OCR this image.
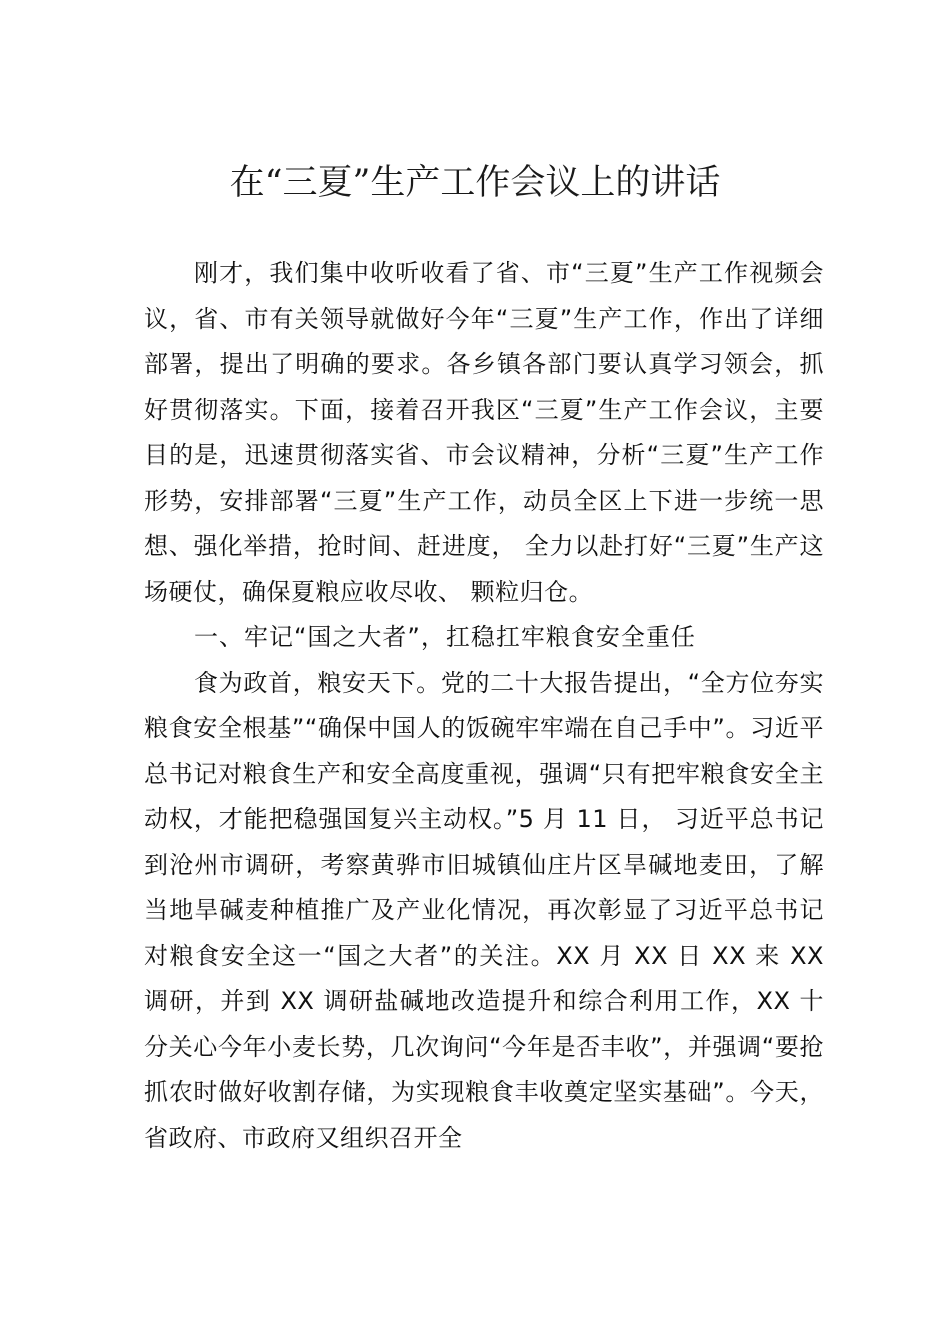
在“三夏”生产工作会议上的讲话

刚才，我们集中收听收看了省、市“三夏”生产工作视频会议，省、市有关领导就做好今年“三夏”生产工作，作出了详细部署，提出了明确的要求。各乡镇各部门要认真学习领会，抓好贯彻落实。下面，接着召开我区“三夏”生产工作会议，主要目的是，迅速贯彻落实省、市会议精神，分析“三夏”生产工作形势，安排部署“三夏”生产工作，动员全区上下进一步统一思想、强化举措，抢时间、赶进度， 全力以赴打好“三夏”生产这场硬仗，确保夏粮应收尽收、 颗粒归仓。

一、牢记“国之大者”，扛稳扛牢粮食安全重任

食为政首，粮安天下。党的二十大报告提出，“全方位夯实粮食安全根基”“确保中国人的饭碗牢牢端在自己手中”。习近平总书记对粮食生产和安全高度重视，强调“只有把牢粮食安全主动权，才能把稳强国复兴主动权。”5 月 11 日， 习近平总书记到沧州市调研，考察黄骅市旧城镇仙庄片区旱碱地麦田，了解当地旱碱麦种植推广及产业化情况，再次彰显了习近平总书记对粮食安全这一“国之大者”的关注。XX 月 XX 日 XX 来 XX 调研，并到 XX 调研盐碱地改造提升和综合利用工作，XX 十分关心今年小麦长势，几次询问“今年是否丰收”，并强调“要抢抓农时做好收割存储，为实现粮食丰收奠定坚实基础”。今天，省政府、市政府又组织召开全
